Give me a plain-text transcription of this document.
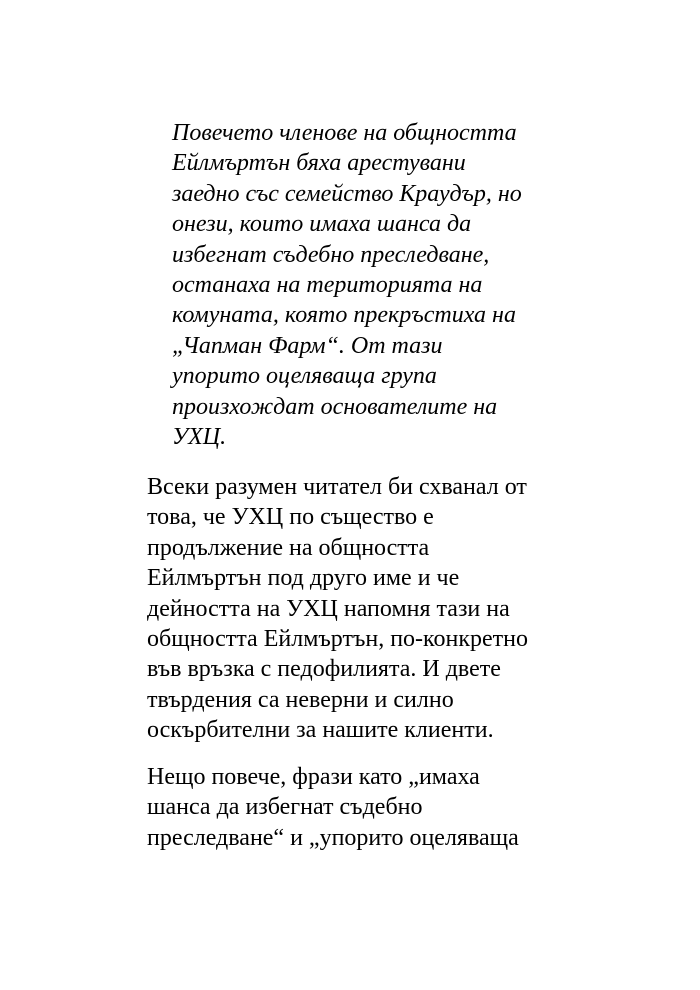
Повечето членове на общността
Ейлмъртън бяха арестувани
заедно със семейство Краудър, но
онези, които имаха шанса да
избегнат съдебно преследване,
останаха на територията на
комуната, която прекръстиха на
„Чапман Фарм“. От тази
упорито оцеляваща група
произхождат основателите на
УХЦ.
Всеки разумен читател би схванал от
това, че УХЦ по същество е
продължение на общността
Ейлмъртън под друго име и че
дейността на УХЦ напомня тази на
общността Ейлмъртън, по-конкретно
във връзка с педофилията. И двете
твърдения са неверни и силно
оскърбителни за нашите клиенти.
Нещо повече, фрази като „имаха
шанса да избегнат съдебно
преследване“ и „упорито оцеляваща
